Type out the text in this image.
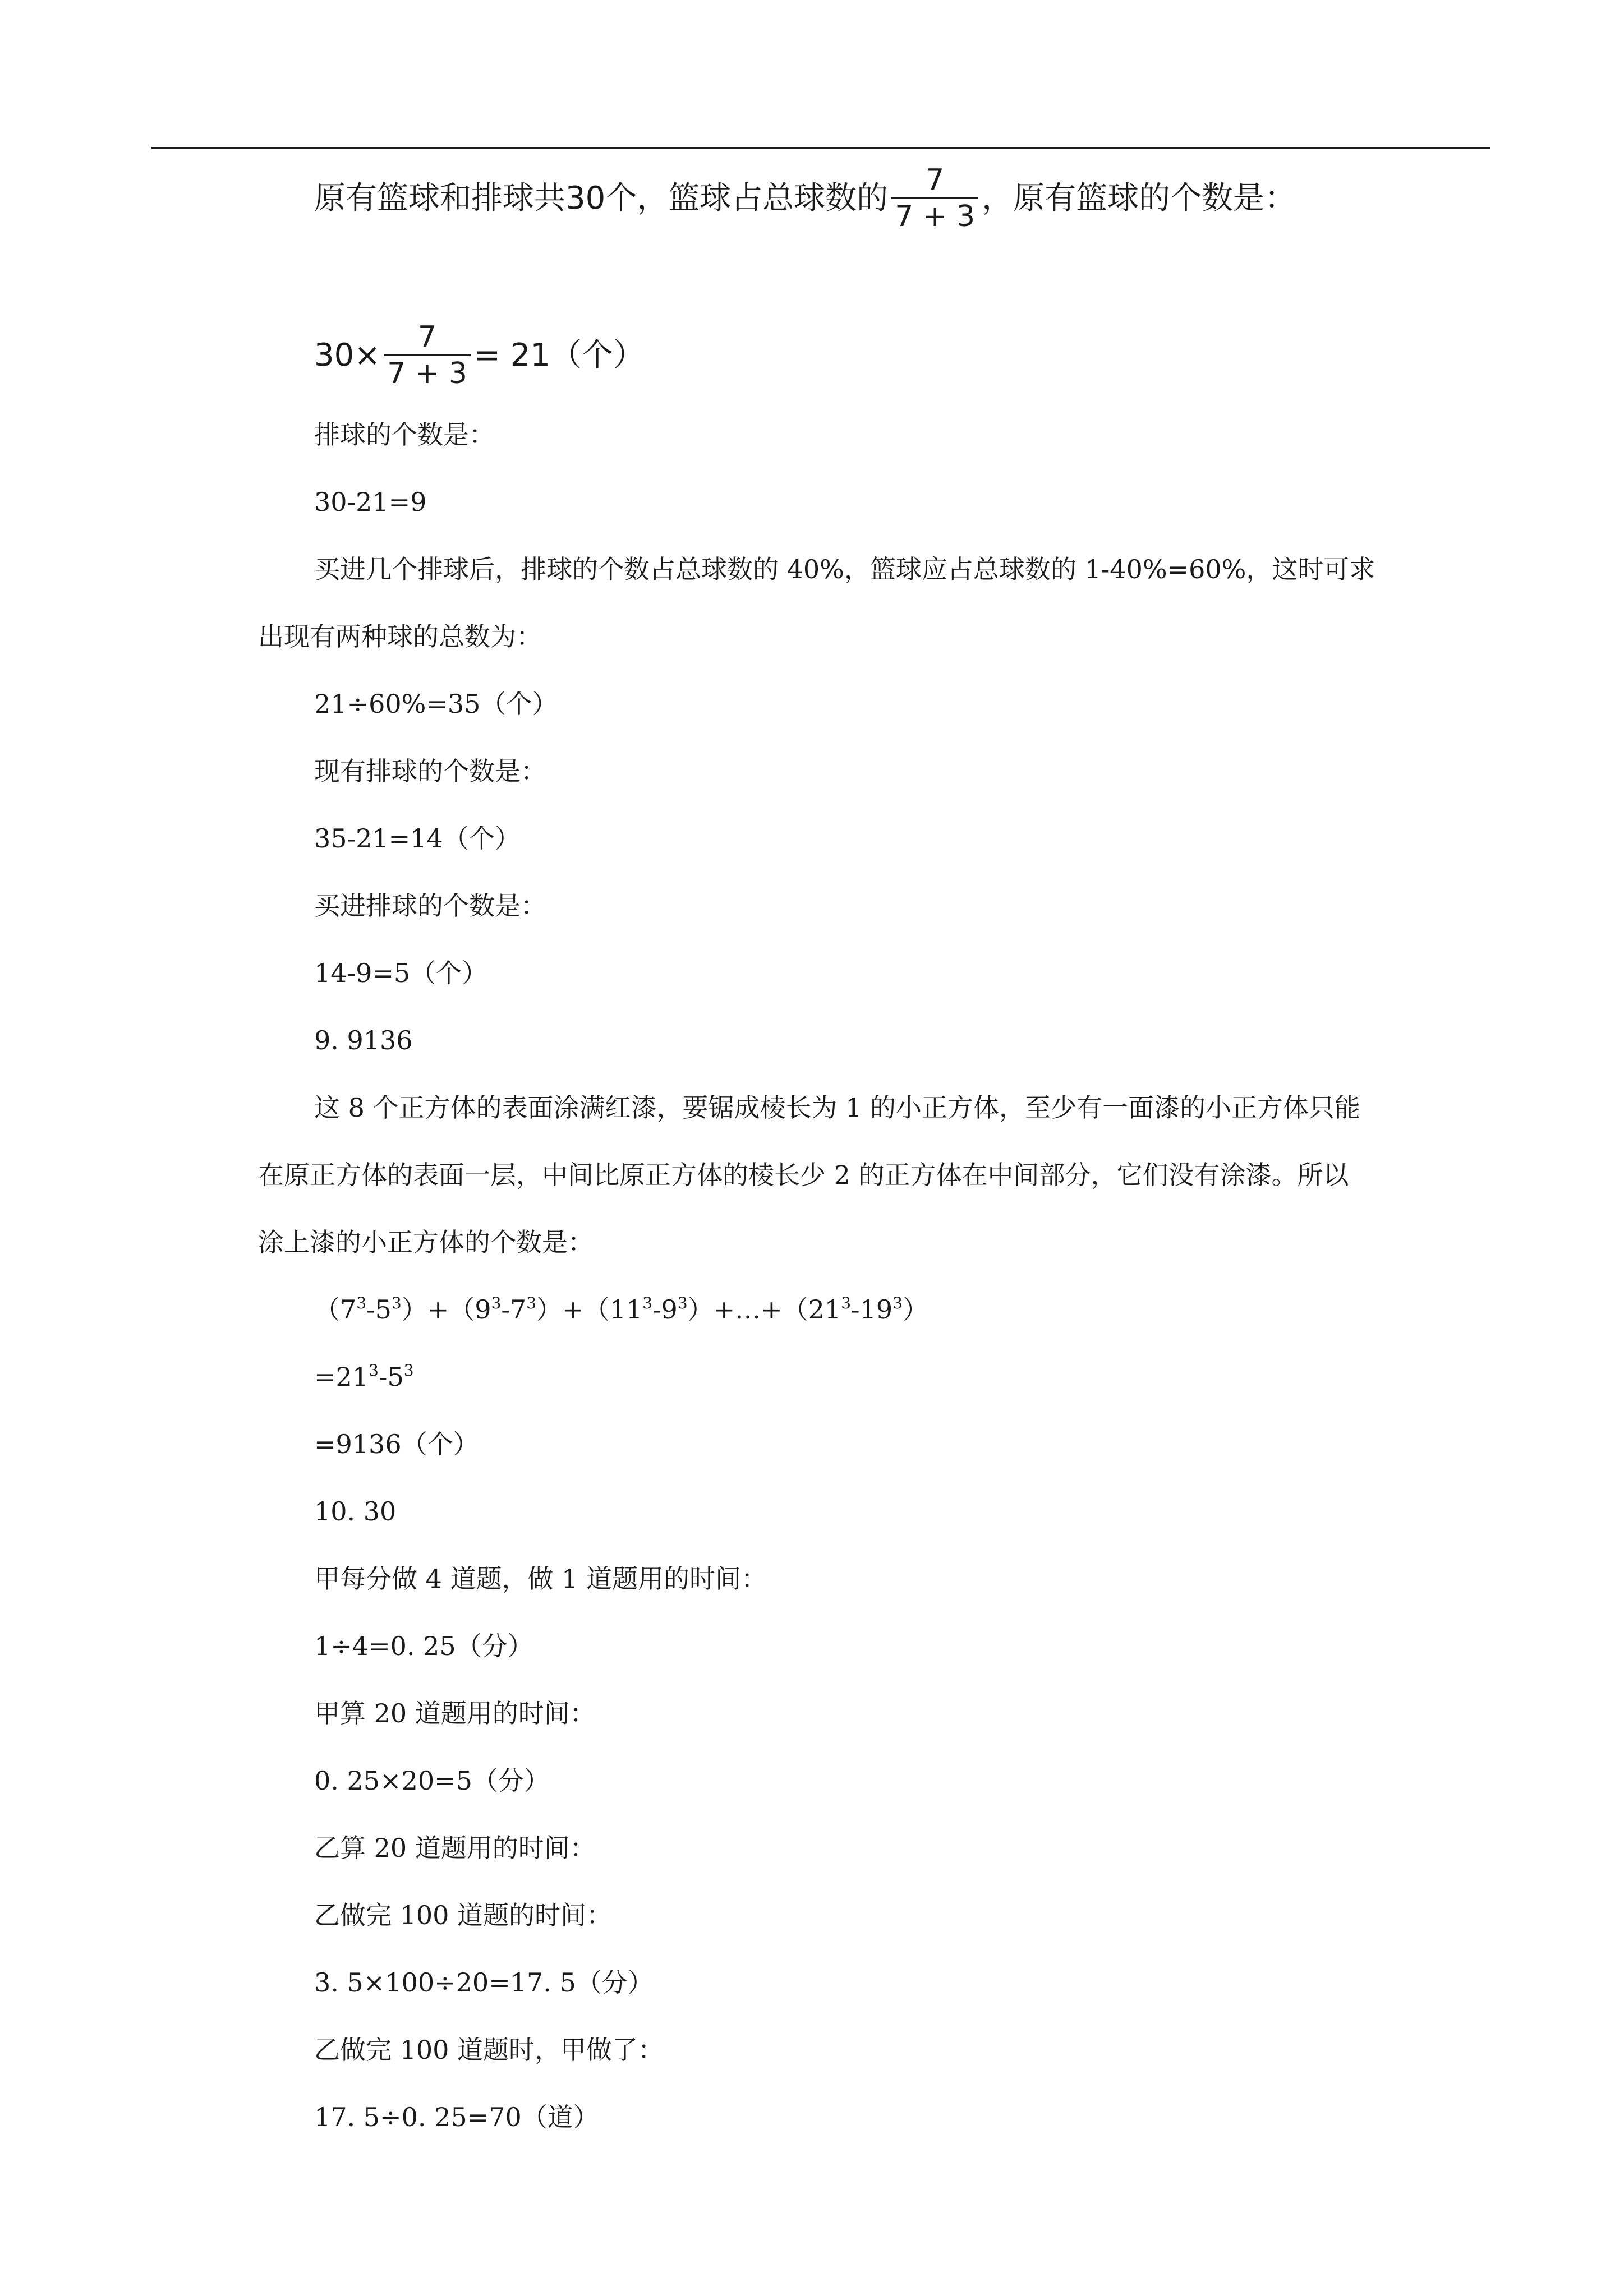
原有篮球和排球共30个，篮球占总球数的 $\frac{7}{7 + 3}$ ，原有篮球的个数是：
$30\times \frac{7}{7 + 3} = 21$（个）
排球的个数是：
30-21=9
买进几个排球后，排球的个数占总球数的 40%，篮球应占总球数的 1-40%=60%，这时可求
出现有两种球的总数为：
21÷60%=35（个）
现有排球的个数是：
35-21=14（个）
买进排球的个数是：
14-9=5（个）
9. 9136
这 8 个正方体的表面涂满红漆，要锯成棱长为 1 的小正方体，至少有一面漆的小正方体只能
在原正方体的表面一层，中间比原正方体的棱长少 2 的正方体在中间部分，它们没有涂漆。所以
涂上漆的小正方体的个数是：
$(7^3-5^3)+(9^3-7^3)+(11^3-9^3)+\dots+(21^3-19^3)$
$=21^3-5^3$
=9136（个）
10. 30
甲每分做 4 道题，做 1 道题用的时间：
1÷4=0. 25（分）
甲算 20 道题用的时间：
0. 25×20=5（分）
乙算 20 道题用的时间：
乙做完 100 道题的时间：
3. 5×100÷20=17. 5（分）
乙做完 100 道题时，甲做了：
17. 5÷0. 25=70（道）
